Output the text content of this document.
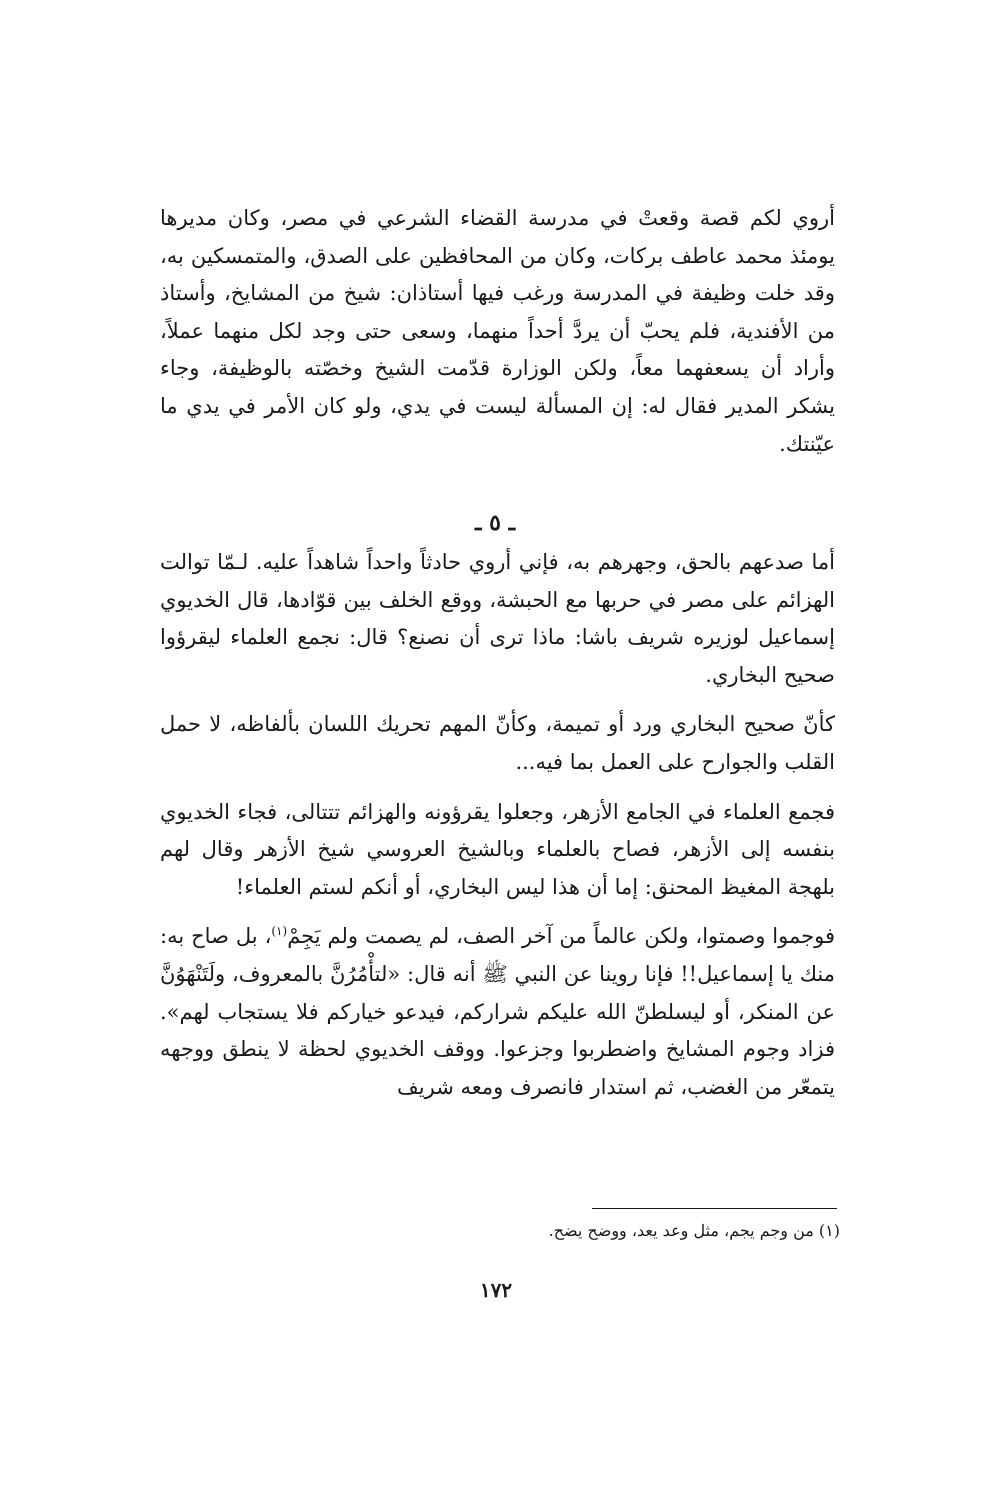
أروي لكم قصة وقعتْ في مدرسة القضاء الشرعي في مصر، وكان مديرها يومئذ محمد عاطف بركات، وكان من المحافظين على الصدق، والمتمسكين به، وقد خلت وظيفة في المدرسة ورغب فيها أستاذان: شيخ من المشايخ، وأستاذ من الأفندية، فلم يحبّ أن يردَّ أحداً منهما، وسعى حتى وجد لكل منهما عملاً، وأراد أن يسعفهما معاً، ولكن الوزارة قدّمت الشيخ وخصّته بالوظيفة، وجاء يشكر المدير فقال له: إن المسألة ليست في يدي، ولو كان الأمر في يدي ما عيّنتك.

ـ ٥ ـ

أما صدعهم بالحق، وجهرهم به، فإني أروي حادثاً واحداً شاهداً عليه. لـمّا توالت الهزائم على مصر في حربها مع الحبشة، ووقع الخلف بين قوّادها، قال الخديوي إسماعيل لوزيره شريف باشا: ماذا ترى أن نصنع؟ قال: نجمع العلماء ليقرؤوا صحيح البخاري.

كأنّ صحيح البخاري ورد أو تميمة، وكأنّ المهم تحريك اللسان بألفاظه، لا حمل القلب والجوارح على العمل بما فيه...

فجمع العلماء في الجامع الأزهر، وجعلوا يقرؤونه والهزائم تتتالى، فجاء الخديوي بنفسه إلى الأزهر، فصاح بالعلماء وبالشيخ العروسي شيخ الأزهر وقال لهم بلهجة المغيظ المحنق: إما أن هذا ليس البخاري، أو أنكم لستم العلماء!

فوجموا وصمتوا، ولكن عالماً من آخر الصف، لم يصمت ولم يَجِمْ$^{(١)}$، بل صاح به: منك يا إسماعيل!! فإنا روينا عن النبي ﷺ أنه قال: «لتأْمُرُنَّ بالمعروف، ولَتَنْهَوُنَّ عن المنكر، أو ليسلطنّ الله عليكم شراركم، فيدعو خياركم فلا يستجاب لهم». فزاد وجوم المشايخ واضطربوا وجزعوا. ووقف الخديوي لحظة لا ينطق ووجهه يتمعّر من الغضب، ثم استدار فانصرف ومعه شريف

(١) من وجم يجم، مثل وعد يعد، ووضح يضح.

١٧٢
